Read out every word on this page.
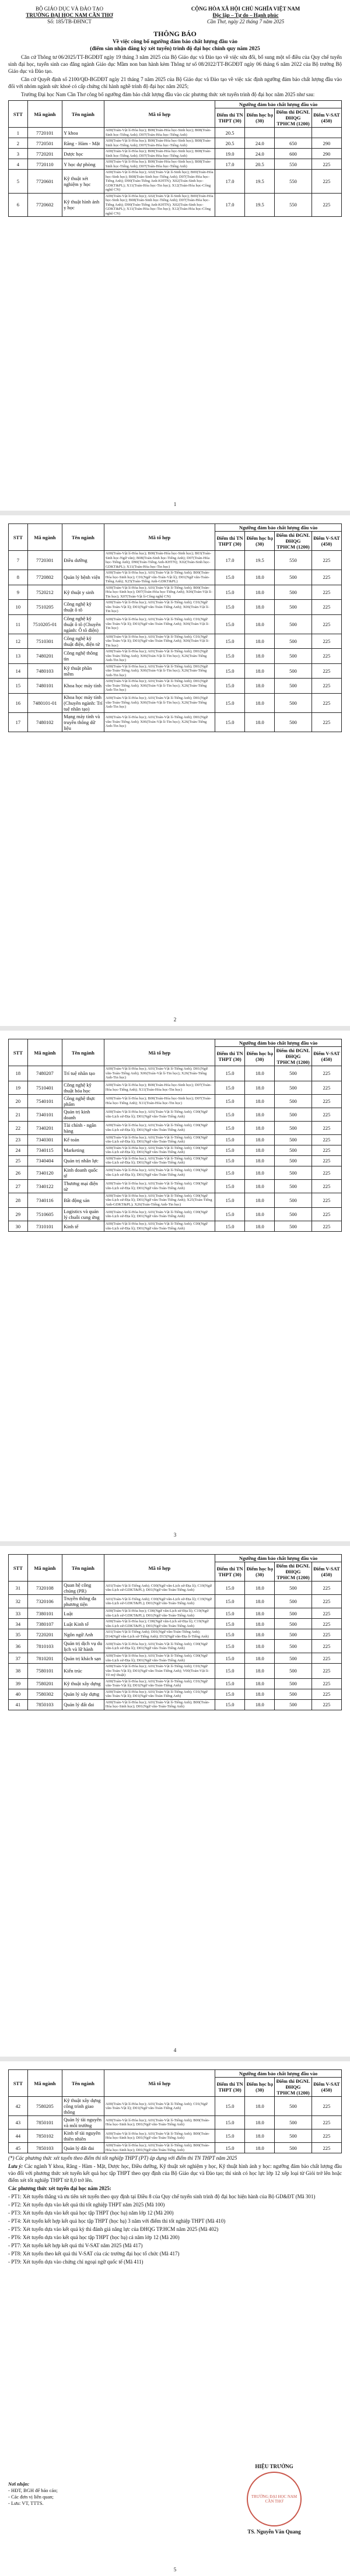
BỘ GIÁO DỤC VÀ ĐÀO TẠO
TRƯỜNG ĐẠI HỌC NAM CẦN THƠ
Số: 185/TB-ĐHNCT
CỘNG HÒA XÃ HỘI CHỦ NGHĨA VIỆT NAM
Độc lập – Tự do – Hạnh phúc
Cần Thơ, ngày 22 tháng 7 năm 2025
THÔNG BÁO
Về việc công bố ngưỡng đảm bảo chất lượng đầu vào
(điểm sàn nhận đăng ký xét tuyển) trình độ đại học chính quy năm 2025

Căn cứ Thông tư 06/2025/TT-BGDĐT ngày 19 tháng 3 năm 2025 của Bộ Giáo dục và Đào tạo về việc sửa đổi, bổ sung một số điều của Quy chế tuyển sinh đại học, tuyển sinh cao đẳng ngành Giáo dục Mầm non ban hành kèm Thông tư số 08/2022/TT-BGDĐT ngày 06 tháng 6 năm 2022 của Bộ trưởng Bộ Giáo dục và Đào tạo.

Căn cứ Quyết định số 2100/QĐ-BGDĐT ngày 21 tháng 7 năm 2025 của Bộ Giáo dục và Đào tạo về việc xác định ngưỡng đảm bảo chất lượng đầu vào đối với nhóm ngành sức khoẻ có cấp chứng chỉ hành nghề trình độ đại học năm 2025;

Trường Đại học Nam Cần Thơ công bố ngưỡng đảm bảo chất lượng đầu vào các phương thức xét tuyển trình độ đại học năm 2025 như sau:

STT	Mã ngành	Tên ngành	Mã tổ hợp	Ngưỡng đảm bảo chất lượng đầu vào			
				Điểm thi TN THPT (30)	Điểm học bạ (30)	Điểm thi ĐGNL ĐHQG TPHCM (1200)	Điểm V-SAT (450)
1	7720101	Y khoa	A00(Toán-Vật lí-Hóa học); B00(Toán-Hóa học-Sinh học); B08(Toán-Sinh học-Tiếng Anh); D07(Toán-Hóa học-Tiếng Anh)	20.5			
2	7720501	Răng - Hàm - Mặt	A00(Toán-Vật lí-Hóa học); B00(Toán-Hóa học-Sinh học); B08(Toán-Sinh học-Tiếng Anh); D07(Toán-Hóa học-Tiếng Anh)	20.5	24.0	650	290
3	7720201	Dược học	A00(Toán-Vật lí-Hóa học); B00(Toán-Hóa học-Sinh học); B08(Toán-Sinh học-Tiếng Anh); D07(Toán-Hóa học-Tiếng Anh)	19.0	24.0	600	290
4	7720110	Y học dự phòng	A00(Toán-Vật lí-Hóa học); B00(Toán-Hóa học-Sinh học); B08(Toán-Sinh học-Tiếng Anh); D07(Toán-Hóa học-Tiếng Anh)	17.0	20.5	550	225
5	7720601	Kỹ thuật xét nghiệm y học	A00(Toán-Vật lí-Hóa học); A02(Toán-Vật lí-Sinh học); B00(Toán-Hóa học-Sinh học); B08(Toán-Sinh học-Tiếng Anh); D07(Toán-Hóa học-Tiếng Anh); D90(Toán-Tiếng Anh-KHTN); X02(Toán-Sinh học-GDKT&PL); X11(Toán-Hóa học-Tin học); X12(Toán-Hóa học-Công nghệ CN)	17.0	19.5	550	225
6	7720602	Kỹ thuật hình ảnh y học	A00(Toán-Vật lí-Hóa học); A02(Toán-Vật lí-Sinh học); B00(Toán-Hóa học-Sinh học); B08(Toán-Sinh học-Tiếng Anh); D07(Toán-Hóa học-Tiếng Anh); D90(Toán-Tiếng Anh-KHTN); X02(Toán-Sinh học-GDKT&PL); X11(Toán-Hóa học-Tin học); X12(Toán-Hóa học-Công nghệ CN)	17.0	19.5	550	225
1
STT	Mã ngành	Tên ngành	Mã tổ hợp	Ngưỡng đảm bảo chất lượng đầu vào			
				Điểm thi TN THPT (30)	Điểm học bạ (30)	Điểm thi ĐGNL ĐHQG TPHCM (1200)	Điểm V-SAT (450)
7	7720301	Điều dưỡng	A00(Toán-Vật lí-Hóa học); B00(Toán-Hóa học-Sinh học); B03(Toán-Sinh học-Ngữ văn); B08(Toán-Sinh học-Tiếng Anh); D07(Toán-Hóa học-Tiếng Anh); D90(Toán-Tiếng Anh-KHTN); X02(Toán-Sinh học-GDKT&PL); X11(Toán-Hóa học-Tin học)	17.0	19.5	550	225
8	7720802	Quản lý bệnh viện	A00(Toán-Vật lí-Hóa học); A01(Toán-Vật lí-Tiếng Anh); B00(Toán-Hóa học-Sinh học); C01(Ngữ văn-Toán-Vật lí); D01(Ngữ văn-Toán-Tiếng Anh); X25(Toán-Tiếng Anh-GDKT&PL)	15.0	18.0	500	225
9	7520212	Kỹ thuật y sinh	A00(Toán-Vật lí-Hóa học); A01(Toán-Vật lí-Tiếng Anh); B00(Toán-Hóa học-Sinh học); D07(Toán-Hóa học-Tiếng Anh); X06(Toán-Vật lí-Tin học); X07(Toán-Vật lí-Công nghệ CN)	15.0	18.0	500	225
10	7510205	Công nghệ kỹ thuật ô tô	A00(Toán-Vật lí-Hóa học); A01(Toán-Vật lí-Tiếng Anh); C01(Ngữ văn-Toán-Vật lí); D01(Ngữ văn-Toán-Tiếng Anh); X06(Toán-Vật lí-Tin học)	15.0	18.0	500	225
11	7510205-01	Công nghệ kỹ thuật ô tô (Chuyên ngành: Ô tô điện)	A00(Toán-Vật lí-Hóa học); A01(Toán-Vật lí-Tiếng Anh); C01(Ngữ văn-Toán-Vật lí); D01(Ngữ văn-Toán-Tiếng Anh); X06(Toán-Vật lí-Tin học)	15.0	18.0	500	225
12	7510301	Công nghệ kỹ thuật điện, điện tử	A00(Toán-Vật lí-Hóa học); A01(Toán-Vật lí-Tiếng Anh); C01(Ngữ văn-Toán-Vật lí); D01(Ngữ văn-Toán-Tiếng Anh); X06(Toán-Vật lí-Tin học)	15.0	18.0	500	225
13	7480201	Công nghệ thông tin	A00(Toán-Vật lí-Hóa học); A01(Toán-Vật lí-Tiếng Anh); D01(Ngữ văn-Toán-Tiếng Anh); X06(Toán-Vật lí-Tin học); X26(Toán-Tiếng Anh-Tin học)	15.0	18.0	500	225
14	7480103	Kỹ thuật phần mềm	A00(Toán-Vật lí-Hóa học); A01(Toán-Vật lí-Tiếng Anh); D01(Ngữ văn-Toán-Tiếng Anh); X06(Toán-Vật lí-Tin học); X26(Toán-Tiếng Anh-Tin học)	15.0	18.0	500	225
15	7480101	Khoa học máy tính	A00(Toán-Vật lí-Hóa học); A01(Toán-Vật lí-Tiếng Anh); D01(Ngữ văn-Toán-Tiếng Anh); X06(Toán-Vật lí-Tin học); X26(Toán-Tiếng Anh-Tin học)	15.0	18.0	500	225
16	7480101-01	Khoa học máy tính (Chuyên ngành: Trí tuệ nhân tạo)	A00(Toán-Vật lí-Hóa học); A01(Toán-Vật lí-Tiếng Anh); D01(Ngữ văn-Toán-Tiếng Anh); X06(Toán-Vật lí-Tin học); X26(Toán-Tiếng Anh-Tin học)	15.0	18.0	500	225
17	7480102	Mạng máy tính và truyền thông dữ liệu	A00(Toán-Vật lí-Hóa học); A01(Toán-Vật lí-Tiếng Anh); D01(Ngữ văn-Toán-Tiếng Anh); X06(Toán-Vật lí-Tin học); X26(Toán-Tiếng Anh-Tin học)	15.0	18.0	500	225
2
STT	Mã ngành	Tên ngành	Mã tổ hợp	Ngưỡng đảm bảo chất lượng đầu vào			
				Điểm thi TN THPT (30)	Điểm học bạ (30)	Điểm thi ĐGNL ĐHQG TPHCM (1200)	Điểm V-SAT (450)
18	7480207	Trí tuệ nhân tạo	A00(Toán-Vật lí-Hóa học); A01(Toán-Vật lí-Tiếng Anh); D01(Ngữ văn-Toán-Tiếng Anh); X06(Toán-Vật lí-Tin học); X26(Toán-Tiếng Anh-Tin học)	15.0	18.0	500	225
19	7510401	Công nghệ kỹ thuật hóa học	A00(Toán-Vật lí-Hóa học); B00(Toán-Hóa học-Sinh học); D07(Toán-Hóa học-Tiếng Anh); X11(Toán-Hóa học-Tin học)	15.0	18.0	500	225
20	7540101	Công nghệ thực phẩm	A00(Toán-Vật lí-Hóa học); B00(Toán-Hóa học-Sinh học); D07(Toán-Hóa học-Tiếng Anh); X11(Toán-Hóa học-Tin học)	15.0	18.0	500	225
21	7340101	Quản trị kinh doanh	A00(Toán-Vật lí-Hóa học); A01(Toán-Vật lí-Tiếng Anh); C00(Ngữ văn-Lịch sử-Địa lí); D01(Ngữ văn-Toán-Tiếng Anh)	15.0	18.0	500	225
22	7340201	Tài chính - ngân hàng	A00(Toán-Vật lí-Hóa học); A01(Toán-Vật lí-Tiếng Anh); C00(Ngữ văn-Lịch sử-Địa lí); D01(Ngữ văn-Toán-Tiếng Anh)	15.0	18.0	500	225
23	7340301	Kế toán	A00(Toán-Vật lí-Hóa học); A01(Toán-Vật lí-Tiếng Anh); C00(Ngữ văn-Lịch sử-Địa lí); D01(Ngữ văn-Toán-Tiếng Anh)	15.0	18.0	500	225
24	7340115	Marketing	A00(Toán-Vật lí-Hóa học); A01(Toán-Vật lí-Tiếng Anh); C00(Ngữ văn-Lịch sử-Địa lí); D01(Ngữ văn-Toán-Tiếng Anh)	15.0	18.0	500	225
25	7340404	Quản trị nhân lực	A00(Toán-Vật lí-Hóa học); A01(Toán-Vật lí-Tiếng Anh); C00(Ngữ văn-Lịch sử-Địa lí); D01(Ngữ văn-Toán-Tiếng Anh)	15.0	18.0	500	225
26	7340120	Kinh doanh quốc tế	A00(Toán-Vật lí-Hóa học); A01(Toán-Vật lí-Tiếng Anh); C00(Ngữ văn-Lịch sử-Địa lí); D01(Ngữ văn-Toán-Tiếng Anh)	15.0	18.0	500	225
27	7340122	Thương mại điện tử	A00(Toán-Vật lí-Hóa học); A01(Toán-Vật lí-Tiếng Anh); C00(Ngữ văn-Lịch sử-Địa lí); D01(Ngữ văn-Toán-Tiếng Anh)	15.0	18.0	500	225
28	7340116	Bất động sản	A00(Toán-Vật lí-Hóa học); A01(Toán-Vật lí-Tiếng Anh); C00(Ngữ văn-Lịch sử-Địa lí); D01(Ngữ văn-Toán-Tiếng Anh); X25(Toán-Tiếng Anh-GDKT&PL); X26(Toán-Tiếng Anh-Tin học)	15.0	18.0	500	225
29	7510605	Logistics và quản lý chuỗi cung ứng	A00(Toán-Vật lí-Hóa học); A01(Toán-Vật lí-Tiếng Anh); C00(Ngữ văn-Lịch sử-Địa lí); D01(Ngữ văn-Toán-Tiếng Anh)	15.0	18.0	500	225
30	7310101	Kinh tế	A00(Toán-Vật lí-Hóa học); A01(Toán-Vật lí-Tiếng Anh); C00(Ngữ văn-Lịch sử-Địa lí); D01(Ngữ văn-Toán-Tiếng Anh)	15.0	18.0	500	225
3
STT	Mã ngành	Tên ngành	Mã tổ hợp	Ngưỡng đảm bảo chất lượng đầu vào			
				Điểm thi TN THPT (30)	Điểm học bạ (30)	Điểm thi ĐGNL ĐHQG TPHCM (1200)	Điểm V-SAT (450)
31	7320108	Quan hệ công chúng (PR)	A01(Toán-Vật lí-Tiếng Anh); C00(Ngữ văn-Lịch sử-Địa lí); C19(Ngữ văn-Lịch sử-GDKT&PL); D01(Ngữ văn-Toán-Tiếng Anh)	15.0	18.0	500	225
32	7320106	Truyền thông đa phương tiện	A01(Toán-Vật lí-Tiếng Anh); C00(Ngữ văn-Lịch sử-Địa lí); C19(Ngữ văn-Lịch sử-GDKT&PL); D01(Ngữ văn-Toán-Tiếng Anh)	15.0	18.0	500	225
33	7380101	Luật	A00(Toán-Vật lí-Hóa học); C00(Ngữ văn-Lịch sử-Địa lí); C19(Ngữ văn-Lịch sử-GDKT&PL); D01(Ngữ văn-Toán-Tiếng Anh)	15.0	18.0	500	225
34	7380107	Luật Kinh tế	A00(Toán-Vật lí-Hóa học); C00(Ngữ văn-Lịch sử-Địa lí); C19(Ngữ văn-Lịch sử-GDKT&PL); D01(Ngữ văn-Toán-Tiếng Anh)	15.0	18.0	500	225
35	7220201	Ngôn ngữ Anh	A01(Toán-Vật lí-Tiếng Anh); D01(Ngữ văn-Toán-Tiếng Anh); D14(Ngữ văn-Lịch sử-Tiếng Anh); D15(Ngữ văn-Địa lí-Tiếng Anh)	15.0	18.0	500	225
36	7810103	Quản trị dịch vụ du lịch và lữ hành	A00(Toán-Vật lí-Hóa học); A01(Toán-Vật lí-Tiếng Anh); C00(Ngữ văn-Lịch sử-Địa lí); D01(Ngữ văn-Toán-Tiếng Anh)	15.0	18.0	500	225
37	7810201	Quản trị khách sạn	A00(Toán-Vật lí-Hóa học); A01(Toán-Vật lí-Tiếng Anh); C00(Ngữ văn-Lịch sử-Địa lí); D01(Ngữ văn-Toán-Tiếng Anh)	15.0	18.0	500	225
38	7580101	Kiến trúc	A00(Toán-Vật lí-Hóa học); A01(Toán-Vật lí-Tiếng Anh); C01(Ngữ văn-Toán-Vật lí); D01(Ngữ văn-Toán-Tiếng Anh); V00(Toán-Vật lí-Vẽ mỹ thuật)	15.0	18.0	500	225
39	7580201	Kỹ thuật xây dựng	A00(Toán-Vật lí-Hóa học); A01(Toán-Vật lí-Tiếng Anh); C01(Ngữ văn-Toán-Vật lí); D01(Ngữ văn-Toán-Tiếng Anh)	15.0	18.0	500	225
40	7580302	Quản lý xây dựng	A00(Toán-Vật lí-Hóa học); A01(Toán-Vật lí-Tiếng Anh); C01(Ngữ văn-Toán-Vật lí); D01(Ngữ văn-Toán-Tiếng Anh)	15.0	18.0	500	225
41	7850103	Quản lý đất đai	A00(Toán-Vật lí-Hóa học); A01(Toán-Vật lí-Tiếng Anh); B00(Toán-Hóa học-Sinh học); D01(Ngữ văn-Toán-Tiếng Anh)	15.0	18.0	500	225
4
STT	Mã ngành	Tên ngành	Mã tổ hợp	Ngưỡng đảm bảo chất lượng đầu vào			
				Điểm thi TN THPT (30)	Điểm học bạ (30)	Điểm thi ĐGNL ĐHQG TPHCM (1200)	Điểm V-SAT (450)
42	7580205	Kỹ thuật xây dựng công trình giao thông	A00(Toán-Vật lí-Hóa học); A01(Toán-Vật lí-Tiếng Anh); C01(Ngữ văn-Toán-Vật lí); D01(Ngữ văn-Toán-Tiếng Anh)	15.0	18.0	500	225
43	7850101	Quản lý tài nguyên và môi trường	A00(Toán-Vật lí-Hóa học); A01(Toán-Vật lí-Tiếng Anh); B00(Toán-Hóa học-Sinh học); D01(Ngữ văn-Toán-Tiếng Anh)	15.0	18.0	500	225
44	7850102	Kinh tế tài nguyên thiên nhiên	A00(Toán-Vật lí-Hóa học); A01(Toán-Vật lí-Tiếng Anh); B00(Toán-Hóa học-Sinh học); D01(Ngữ văn-Toán-Tiếng Anh)	15.0	18.0	500	225
45	7850103	Quản lý đất đai	A00(Toán-Vật lí-Hóa học); A01(Toán-Vật lí-Tiếng Anh); B00(Toán-Hóa học-Sinh học); D01(Ngữ văn-Toán-Tiếng Anh)	15.0	18.0	500	225
(*) Các phương thức xét tuyển theo điểm thi tốt nghiệp THPT (PT) áp dụng với điểm thi TN THPT năm 2025
Lưu ý: Các ngành Y khoa, Răng - Hàm - Mặt, Dược học, Điều dưỡng, Kỹ thuật xét nghiệm y học, Kỹ thuật hình ảnh y học: ngưỡng đảm bảo chất lượng đầu vào đối với phương thức xét tuyển kết quả học tập THPT theo quy định của Bộ Giáo dục và Đào tạo; thí sinh có học lực lớp 12 xếp loại từ Giỏi trở lên hoặc điểm xét tốt nghiệp THPT từ 8,0 trở lên.
Các phương thức xét tuyển đại học năm 2025:
- PT1: Xét tuyển thẳng và ưu tiên xét tuyển theo quy định tại Điều 8 của Quy chế tuyển sinh trình độ đại học hiện hành của Bộ GD&ĐT (Mã 301)
- PT2: Xét tuyển dựa vào kết quả thi tốt nghiệp THPT năm 2025 (Mã 100)
- PT3: Xét tuyển dựa vào kết quả học tập THPT (học bạ) năm lớp 12 (Mã 200)
- PT4: Xét tuyển kết hợp kết quả học tập THPT (học bạ) 3 năm với điểm thi tốt nghiệp THPT (Mã 410)
- PT5: Xét tuyển dựa vào kết quả kỳ thi đánh giá năng lực của ĐHQG TP.HCM năm 2025 (Mã 402)
- PT6: Xét tuyển dựa vào kết quả học tập THPT (học bạ) cả năm lớp 12 (Mã 200)
- PT7: Xét tuyển kết hợp kết quả thi V-SAT năm 2025 (Mã 417)
- PT8: Xét tuyển theo kết quả thi V-SAT của các trường đại học tổ chức (Mã 417)
- PT9: Xét tuyển dựa vào chứng chỉ ngoại ngữ quốc tế (Mã 411)
Nơi nhận:
- HĐT, BGH để báo cáo;
- Các đơn vị liên quan;
- Lưu: VT, TTTS.
HIỆU TRƯỞNG
TRƯỜNG ĐẠI HỌC NAM CẦN THƠ
TS. Nguyễn Văn Quang
5
